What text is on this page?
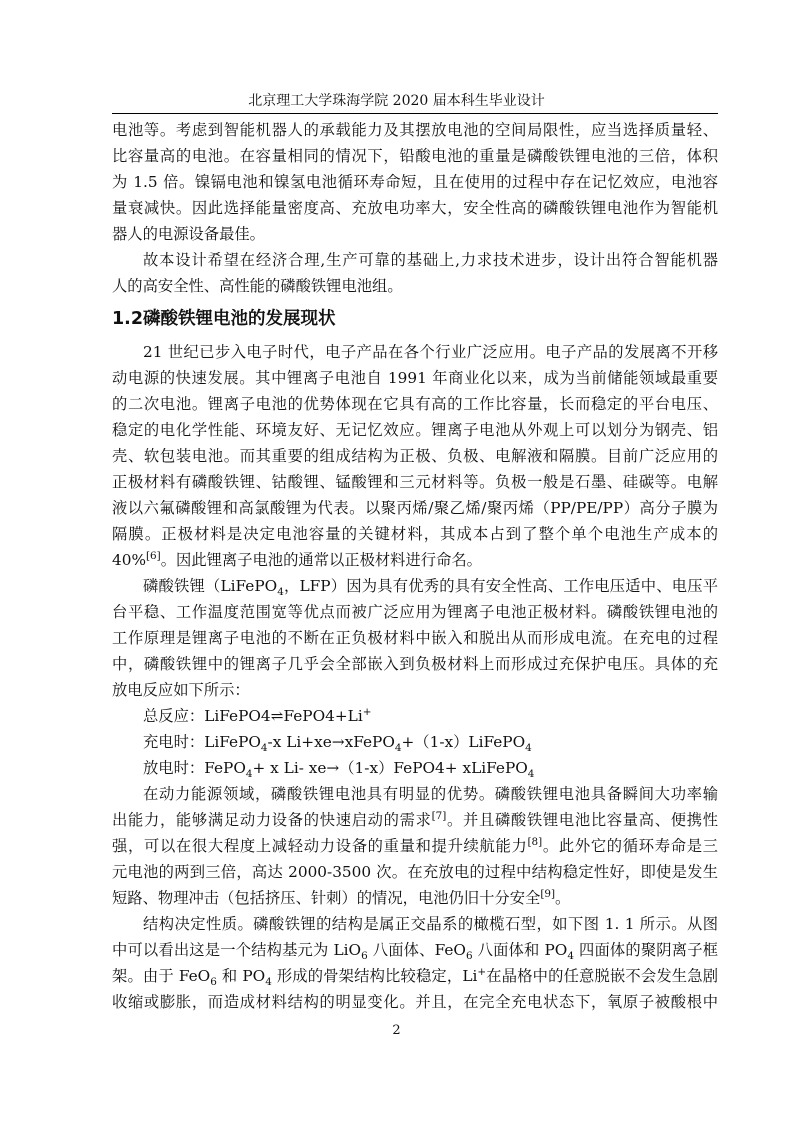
北京理工大学珠海学院 2020 届本科生毕业设计
电池等。考虑到智能机器人的承载能力及其摆放电池的空间局限性，应当选择质量轻、
比容量高的电池。在容量相同的情况下，铅酸电池的重量是磷酸铁锂电池的三倍，体积
为 1.5 倍。镍镉电池和镍氢电池循环寿命短，且在使用的过程中存在记忆效应，电池容
量衰减快。因此选择能量密度高、充放电功率大，安全性高的磷酸铁锂电池作为智能机
器人的电源设备最佳。
故本设计希望在经济合理,生产可靠的基础上,力求技术进步，设计出符合智能机器
人的高安全性、高性能的磷酸铁锂电池组。
1.2磷酸铁锂电池的发展现状
21 世纪已步入电子时代，电子产品在各个行业广泛应用。电子产品的发展离不开移
动电源的快速发展。其中锂离子电池自 1991 年商业化以来，成为当前储能领域最重要
的二次电池。锂离子电池的优势体现在它具有高的工作比容量，长而稳定的平台电压、
稳定的电化学性能、环境友好、无记忆效应。锂离子电池从外观上可以划分为钢壳、铝
壳、软包装电池。而其重要的组成结构为正极、负极、电解液和隔膜。目前广泛应用的
正极材料有磷酸铁锂、钴酸锂、锰酸锂和三元材料等。负极一般是石墨、硅碳等。电解
液以六氟磷酸锂和高氯酸锂为代表。以聚丙烯/聚乙烯/聚丙烯（PP/PE/PP）高分子膜为
隔膜。正极材料是决定电池容量的关键材料，其成本占到了整个单个电池生产成本的
40%[6]。因此锂离子电池的通常以正极材料进行命名。
磷酸铁锂（LiFePO$_4$，LFP）因为具有优秀的具有安全性高、工作电压适中、电压平
台平稳、工作温度范围宽等优点而被广泛应用为锂离子电池正极材料。磷酸铁锂电池的
工作原理是锂离子电池的不断在正负极材料中嵌入和脱出从而形成电流。在充电的过程
中，磷酸铁锂中的锂离子几乎会全部嵌入到负极材料上而形成过充保护电压。具体的充
放电反应如下所示：
总反应：LiFePO4⇌FePO4+Li+
充电时：LiFePO$_4$-x Li+xe→xFePO$_4$+（1-x）LiFePO$_4$
放电时：FePO$_4$+ x Li- xe→（1-x）FePO4+ xLiFePO$_4$
在动力能源领域，磷酸铁锂电池具有明显的优势。磷酸铁锂电池具备瞬间大功率输
出能力，能够满足动力设备的快速启动的需求[7]。并且磷酸铁锂电池比容量高、便携性
强，可以在很大程度上减轻动力设备的重量和提升续航能力[8]。此外它的循环寿命是三
元电池的两到三倍，高达 2000-3500 次。在充放电的过程中结构稳定性好，即使是发生
短路、物理冲击（包括挤压、针刺）的情况，电池仍旧十分安全[9]。
结构决定性质。磷酸铁锂的结构是属正交晶系的橄榄石型，如下图 1. 1 所示。从图
中可以看出这是一个结构基元为 LiO$_6$ 八面体、FeO$_6$ 八面体和 $PO_4$ 四面体的聚阴离子框
架。由于 FeO$_6$ 和 $PO_4$ 形成的骨架结构比较稳定，Li+在晶格中的任意脱嵌不会发生急剧
收缩或膨胀，而造成材料结构的明显变化。并且，在完全充电状态下，氧原子被酸根中
2
